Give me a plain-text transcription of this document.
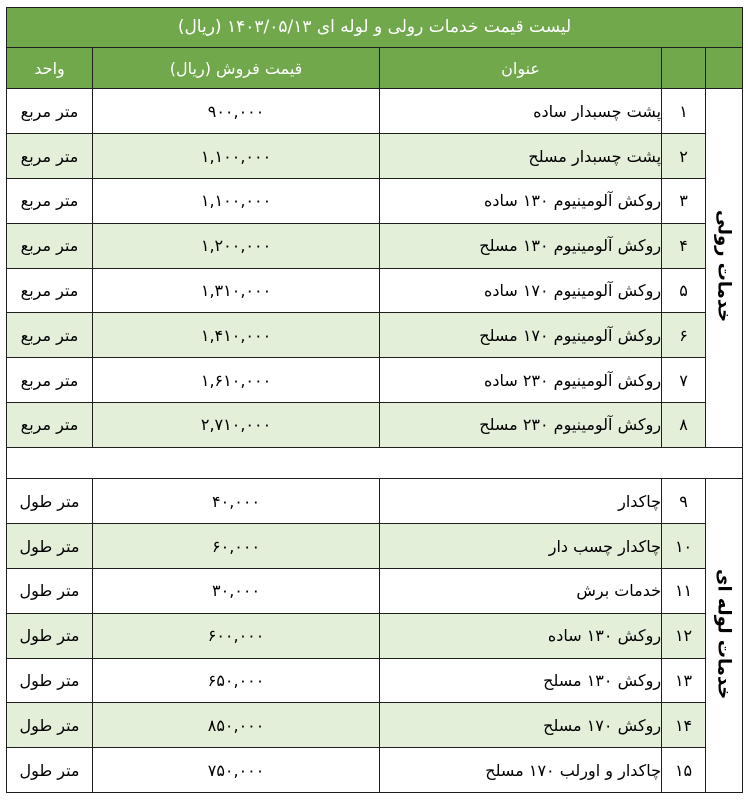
لیست قیمت خدمات رولی و لوله ای ۱۴۰۳/۰۵/۱۳ (ریال)				
		عنوان	قیمت فروش (ریال)	واحد
خدمات رولی	۱	پشت چسبدار ساده	۹۰۰,۰۰۰	متر مربع
	۲	پشت چسبدار مسلح	۱,۱۰۰,۰۰۰	متر مربع
	۳	روکش آلومینیوم ۱۳۰ ساده	۱,۱۰۰,۰۰۰	متر مربع
	۴	روکش آلومینیوم ۱۳۰ مسلح	۱,۲۰۰,۰۰۰	متر مربع
	۵	روکش آلومینیوم ۱۷۰ ساده	۱,۳۱۰,۰۰۰	متر مربع
	۶	روکش آلومینیوم ۱۷۰ مسلح	۱,۴۱۰,۰۰۰	متر مربع
	۷	روکش آلومینیوم ۲۳۰ ساده	۱,۶۱۰,۰۰۰	متر مربع
	۸	روکش آلومینیوم ۲۳۰ مسلح	۲,۷۱۰,۰۰۰	متر مربع

خدمات لوله ای	۹	چاکدار	۴۰,۰۰۰	متر طول
	۱۰	چاکدار چسب دار	۶۰,۰۰۰	متر طول
	۱۱	خدمات برش	۳۰,۰۰۰	متر طول
	۱۲	روکش ۱۳۰ ساده	۶۰۰,۰۰۰	متر طول
	۱۳	روکش ۱۳۰ مسلح	۶۵۰,۰۰۰	متر طول
	۱۴	روکش ۱۷۰ مسلح	۸۵۰,۰۰۰	متر طول
	۱۵	چاکدار و اورلب ۱۷۰ مسلح	۷۵۰,۰۰۰	متر طول
